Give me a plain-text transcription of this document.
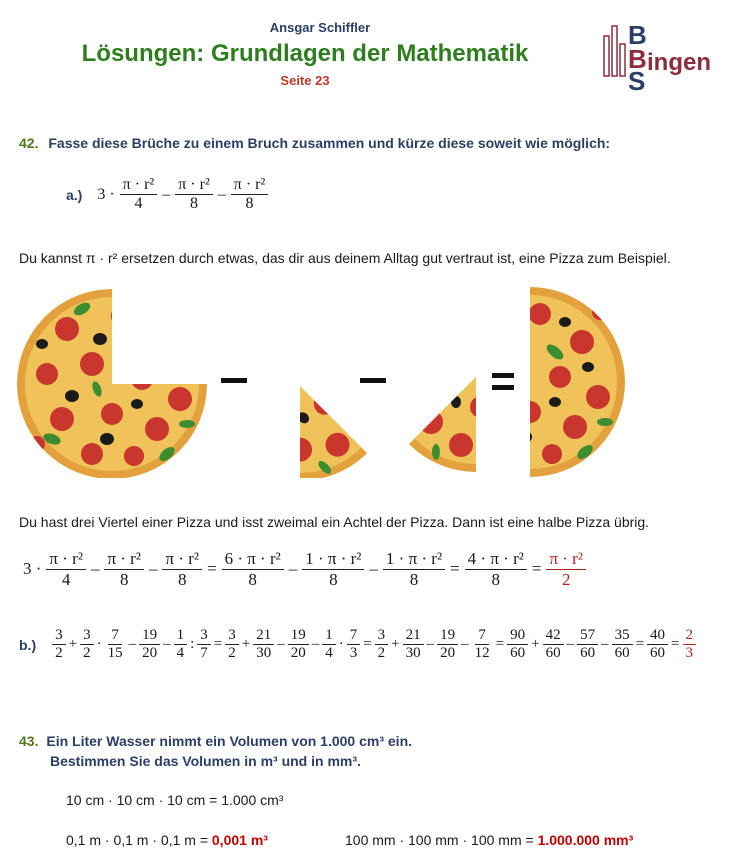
Ansgar Schiffler
Lösungen: Grundlagen der Mathematik
Seite 23
B
B
S
ingen
42. Fasse diese Brüche zu einem Bruch zusammen und kürze diese soweit wie möglich:
a.) $3 \cdot \frac{\text{π · r²}}{4} - \frac{\text{π · r²}}{8} - \frac{\text{π · r²}}{8}$
Du kannst π · r² ersetzen durch etwas, das dir aus deinem Alltag gut vertraut ist, eine Pizza zum Beispiel.
Du hast drei Viertel einer Pizza und isst zweimal ein Achtel der Pizza. Dann ist eine halbe Pizza übrig.
$3 \cdot \frac{\text{π · r²}}{4} - \frac{\text{π · r²}}{8} - \frac{\text{π · r²}}{8} = \frac{\text{6 · π · r²}}{8} - \frac{\text{1 · π · r²}}{8} - \frac{\text{1 · π · r²}}{8} = \frac{\text{4 · π · r²}}{8} = \frac{\text{π · r²}}{2}$
$b.) \frac{3}{2} + \frac{3}{2} \cdot \frac{7}{15} - \frac{19}{20} - \frac{1}{4}$ : $\frac{3}{7} = \frac{3}{2} + \frac{21}{30} - \frac{19}{20} - \frac{1}{4} \cdot \frac{7}{3} = \frac{3}{2} + \frac{21}{30} - \frac{19}{20} - \frac{7}{12} = \frac{90}{60} + \frac{42}{60} - \frac{57}{60} - \frac{35}{60} = \frac{40}{60} = \frac{2}{3}$
43. Ein Liter Wasser nimmt ein Volumen von 1.000 cm³ ein.
Bestimmen Sie das Volumen in m³ und in mm³.
10 cm · 10 cm · 10 cm = 1.000 cm³
0,1 m · 0,1 m · 0,1 m = 0,001 m³	100 mm · 100 mm · 100 mm = 1.000.000 mm³
